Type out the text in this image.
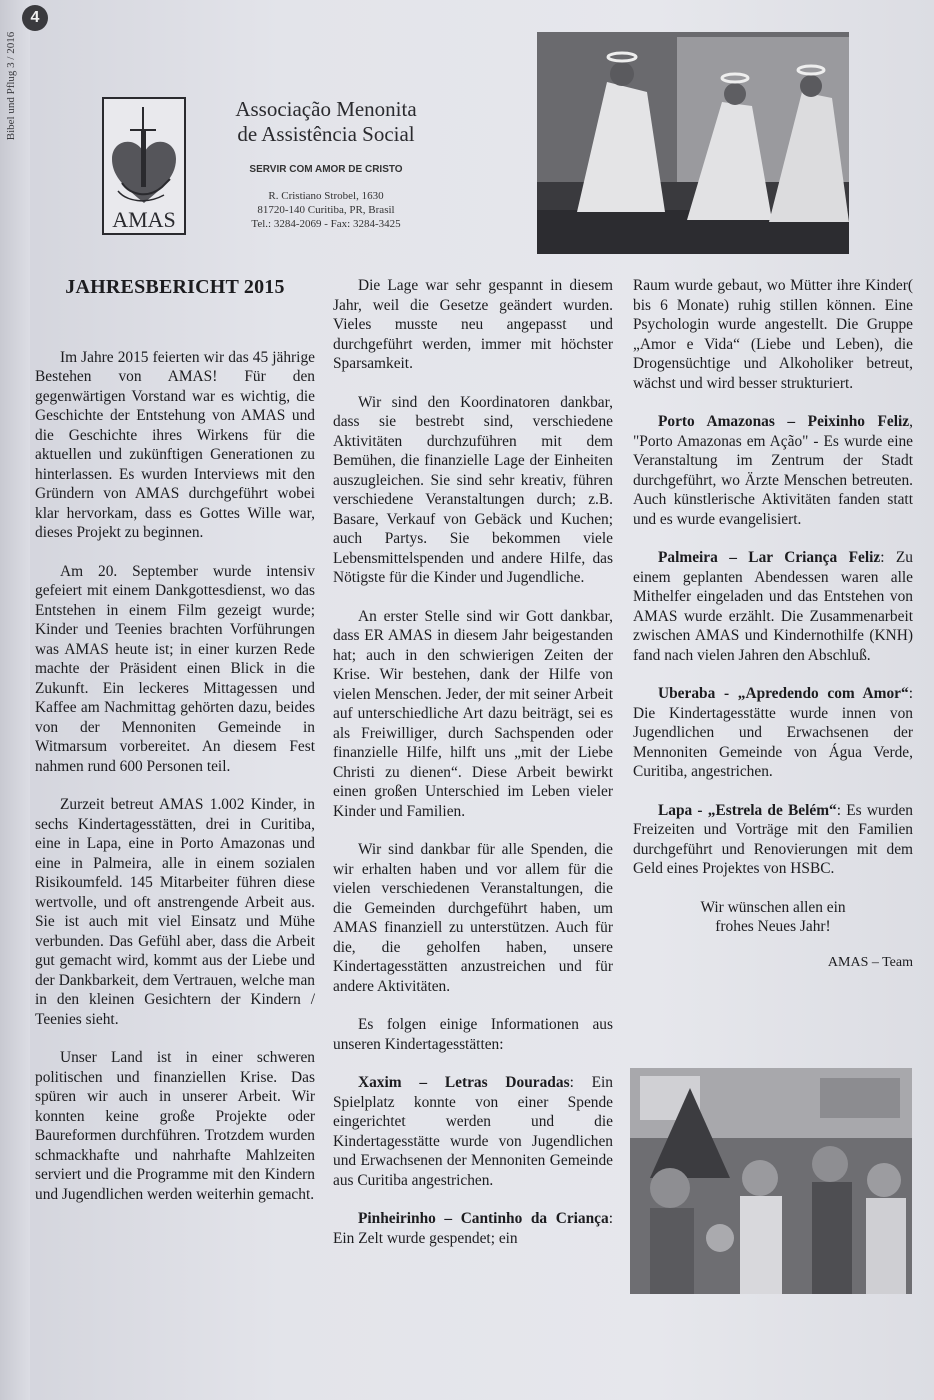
4
Bibel und Pflug 3 / 2016
AMAS
Associação Menonita
de Assistência Social
SERVIR COM AMOR DE CRISTO
R. Cristiano Strobel, 1630
81720-140 Curitiba, PR, Brasil
Tel.: 3284-2069 - Fax: 3284-3425
JAHRESBERICHT 2015

Im Jahre 2015 feierten wir das 45 jährige Bestehen von AMAS! Für den gegenwärtigen Vorstand war es wichtig, die Geschichte der Entstehung von AMAS und die Geschichte ihres Wirkens für die aktuellen und zukünftigen Generationen zu hinterlassen. Es wurden Interviews mit den Gründern von AMAS durchgeführt wobei klar hervorkam, dass es Gottes Wille war, dieses Projekt zu beginnen.

Am 20. September wurde intensiv gefeiert mit einem Dankgottesdienst, wo das Entstehen in einem Film gezeigt wurde; Kinder und Teenies brachten Vorführungen was AMAS heute ist; in einer kurzen Rede machte der Präsident einen Blick in die Zukunft. Ein leckeres Mittagessen und Kaffee am Nachmittag gehörten dazu, beides von der Mennoniten Gemeinde in Witmarsum vorbereitet. An diesem Fest nahmen rund 600 Personen teil.

Zurzeit betreut AMAS 1.002 Kinder, in sechs Kindertagesstätten, drei in Curitiba, eine in Lapa, eine in Porto Amazonas und eine in Palmeira, alle in einem sozialen Risikoumfeld. 145 Mitarbeiter führen diese wertvolle, und oft anstrengende Arbeit aus. Sie ist auch mit viel Einsatz und Mühe verbunden. Das Gefühl aber, dass die Arbeit gut gemacht wird, kommt aus der Liebe und der Dankbarkeit, dem Vertrauen, welche man in den kleinen Gesichtern der Kindern / Teenies sieht.

Unser Land ist in einer schweren politischen und finanziellen Krise. Das spüren wir auch in unserer Arbeit. Wir konnten keine große Projekte oder Baureformen durchführen. Trotzdem wurden schmackhafte und nahrhafte Mahlzeiten serviert und die Programme mit den Kindern und Jugendlichen werden weiterhin gemacht.

Die Lage war sehr gespannt in diesem Jahr, weil die Gesetze geändert wurden. Vieles musste neu angepasst und durchgeführt werden, immer mit höchster Sparsamkeit.

Wir sind den Koordinatoren dankbar, dass sie bestrebt sind, verschiedene Aktivitäten durchzuführen mit dem Bemühen, die finanzielle Lage der Einheiten auszugleichen. Sie sind sehr kreativ, führen verschiedene Veranstaltungen durch; z.B. Basare, Verkauf von Gebäck und Kuchen; auch Partys. Sie bekommen viele Lebensmittelspenden und andere Hilfe, das Nötigste für die Kinder und Jugendliche.

An erster Stelle sind wir Gott dankbar, dass ER AMAS in diesem Jahr beigestanden hat; auch in den schwierigen Zeiten der Krise. Wir bestehen, dank der Hilfe von vielen Menschen. Jeder, der mit seiner Arbeit auf unterschiedliche Art dazu beiträgt, sei es als Freiwilliger, durch Sachspenden oder finanzielle Hilfe, hilft uns „mit der Liebe Christi zu dienen“. Diese Arbeit bewirkt einen großen Unterschied im Leben vieler Kinder und Familien.

Wir sind dankbar für alle Spenden, die wir erhalten haben und vor allem für die vielen verschiedenen Veranstaltungen, die die Gemeinden durchgeführt haben, um AMAS finanziell zu unterstützen. Auch für die, die geholfen haben, unsere Kindertagesstätten anzustreichen und für andere Aktivitäten.

Es folgen einige Informationen aus unseren Kindertagesstätten:

Xaxim – Letras Douradas: Ein Spielplatz konnte von einer Spende eingerichtet werden und die Kindertagesstätte wurde von Jugendlichen und Erwachsenen der Mennoniten Gemeinde aus Curitiba angestrichen.

Pinheirinho – Cantinho da Criança: Ein Zelt wurde gespendet; ein

Raum wurde gebaut, wo Mütter ihre Kinder( bis 6 Monate) ruhig stillen können. Eine Psychologin wurde angestellt. Die Gruppe „Amor e Vida“ (Liebe und Leben), die Drogensüchtige und Alkoholiker betreut, wächst und wird besser strukturiert.

Porto Amazonas – Peixinho Feliz, "Porto Amazonas em Ação" - Es wurde eine Veranstaltung im Zentrum der Stadt durchgeführt, wo Ärzte Menschen betreuten. Auch künstlerische Aktivitäten fanden statt und es wurde evangelisiert.

Palmeira – Lar Criança Feliz: Zu einem geplanten Abendessen waren alle Mithelfer eingeladen und das Entstehen von AMAS wurde erzählt. Die Zusammenarbeit zwischen AMAS und Kindernothilfe (KNH) fand nach vielen Jahren den Abschluß.

Uberaba - „Apredendo com Amor“: Die Kindertagesstätte wurde innen von Jugendlichen und Erwachsenen der Mennoniten Gemeinde von Água Verde, Curitiba, angestrichen.

Lapa - „Estrela de Belém“: Es wurden Freizeiten und Vorträge mit den Familien durchgeführt und Renovierungen mit dem Geld eines Projektes von HSBC.

Wir wünschen allen ein
frohes Neues Jahr!

AMAS – Team
